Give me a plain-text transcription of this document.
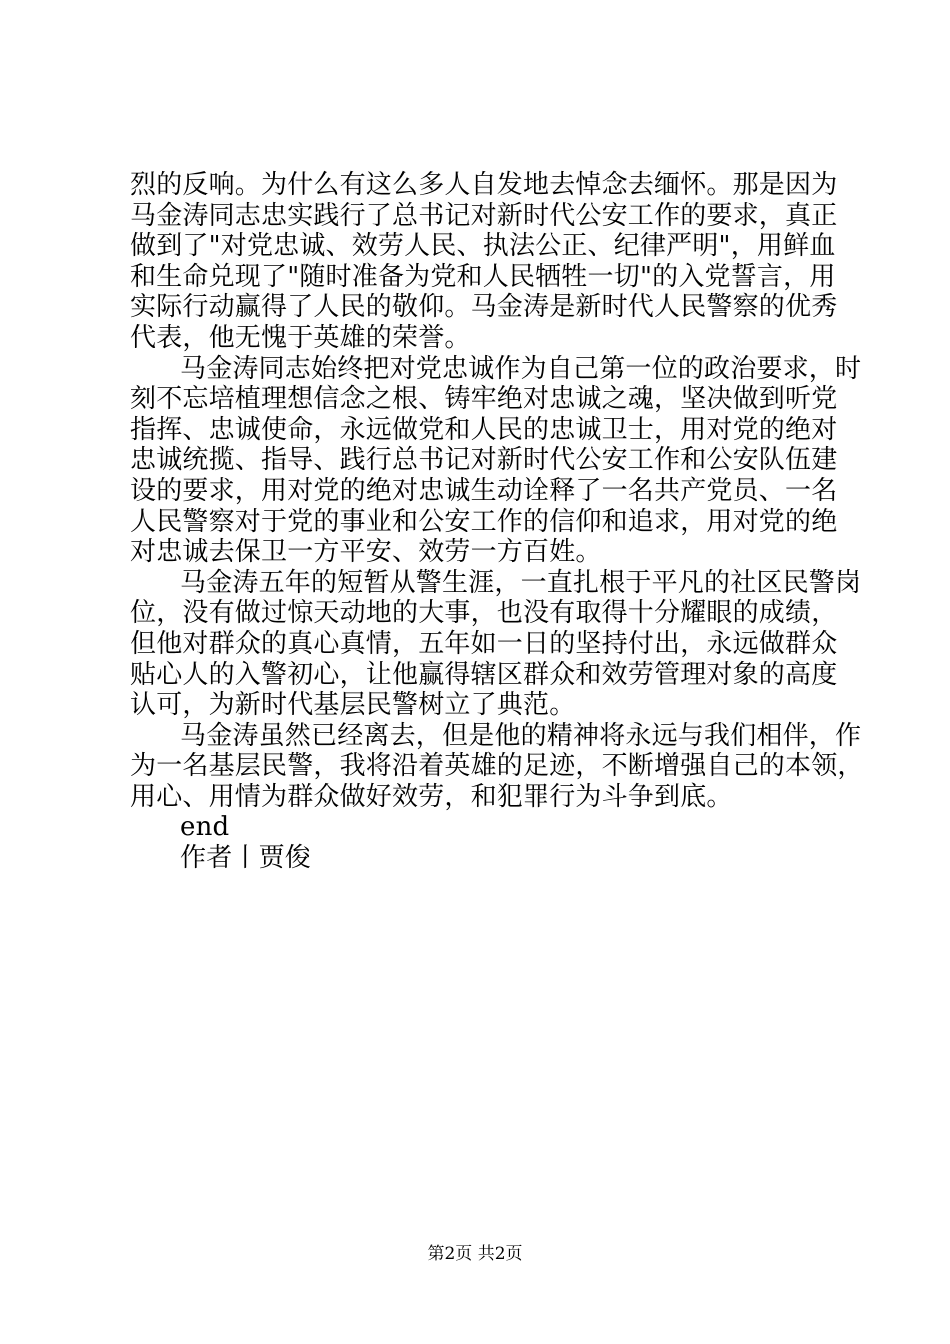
烈的反响。为什么有这么多人自发地去悼念去缅怀。那是因为
马金涛同志忠实践行了总书记对新时代公安工作的要求，真正
做到了"对党忠诚、效劳人民、执法公正、纪律严明"，用鲜血
和生命兑现了"随时准备为党和人民牺牲一切"的入党誓言，用
实际行动赢得了人民的敬仰。马金涛是新时代人民警察的优秀
代表，他无愧于英雄的荣誉。
马金涛同志始终把对党忠诚作为自己第一位的政治要求，时
刻不忘培植理想信念之根、铸牢绝对忠诚之魂，坚决做到听党
指挥、忠诚使命，永远做党和人民的忠诚卫士，用对党的绝对
忠诚统揽、指导、践行总书记对新时代公安工作和公安队伍建
设的要求，用对党的绝对忠诚生动诠释了一名共产党员、一名
人民警察对于党的事业和公安工作的信仰和追求，用对党的绝
对忠诚去保卫一方平安、效劳一方百姓。
马金涛五年的短暂从警生涯，一直扎根于平凡的社区民警岗
位，没有做过惊天动地的大事，也没有取得十分耀眼的成绩，
但他对群众的真心真情，五年如一日的坚持付出，永远做群众
贴心人的入警初心，让他赢得辖区群众和效劳管理对象的高度
认可，为新时代基层民警树立了典范。
马金涛虽然已经离去，但是他的精神将永远与我们相伴，作
为一名基层民警，我将沿着英雄的足迹，不断增强自己的本领，
用心、用情为群众做好效劳，和犯罪行为斗争到底。
end
作者丨贾俊
第2页 共2页
